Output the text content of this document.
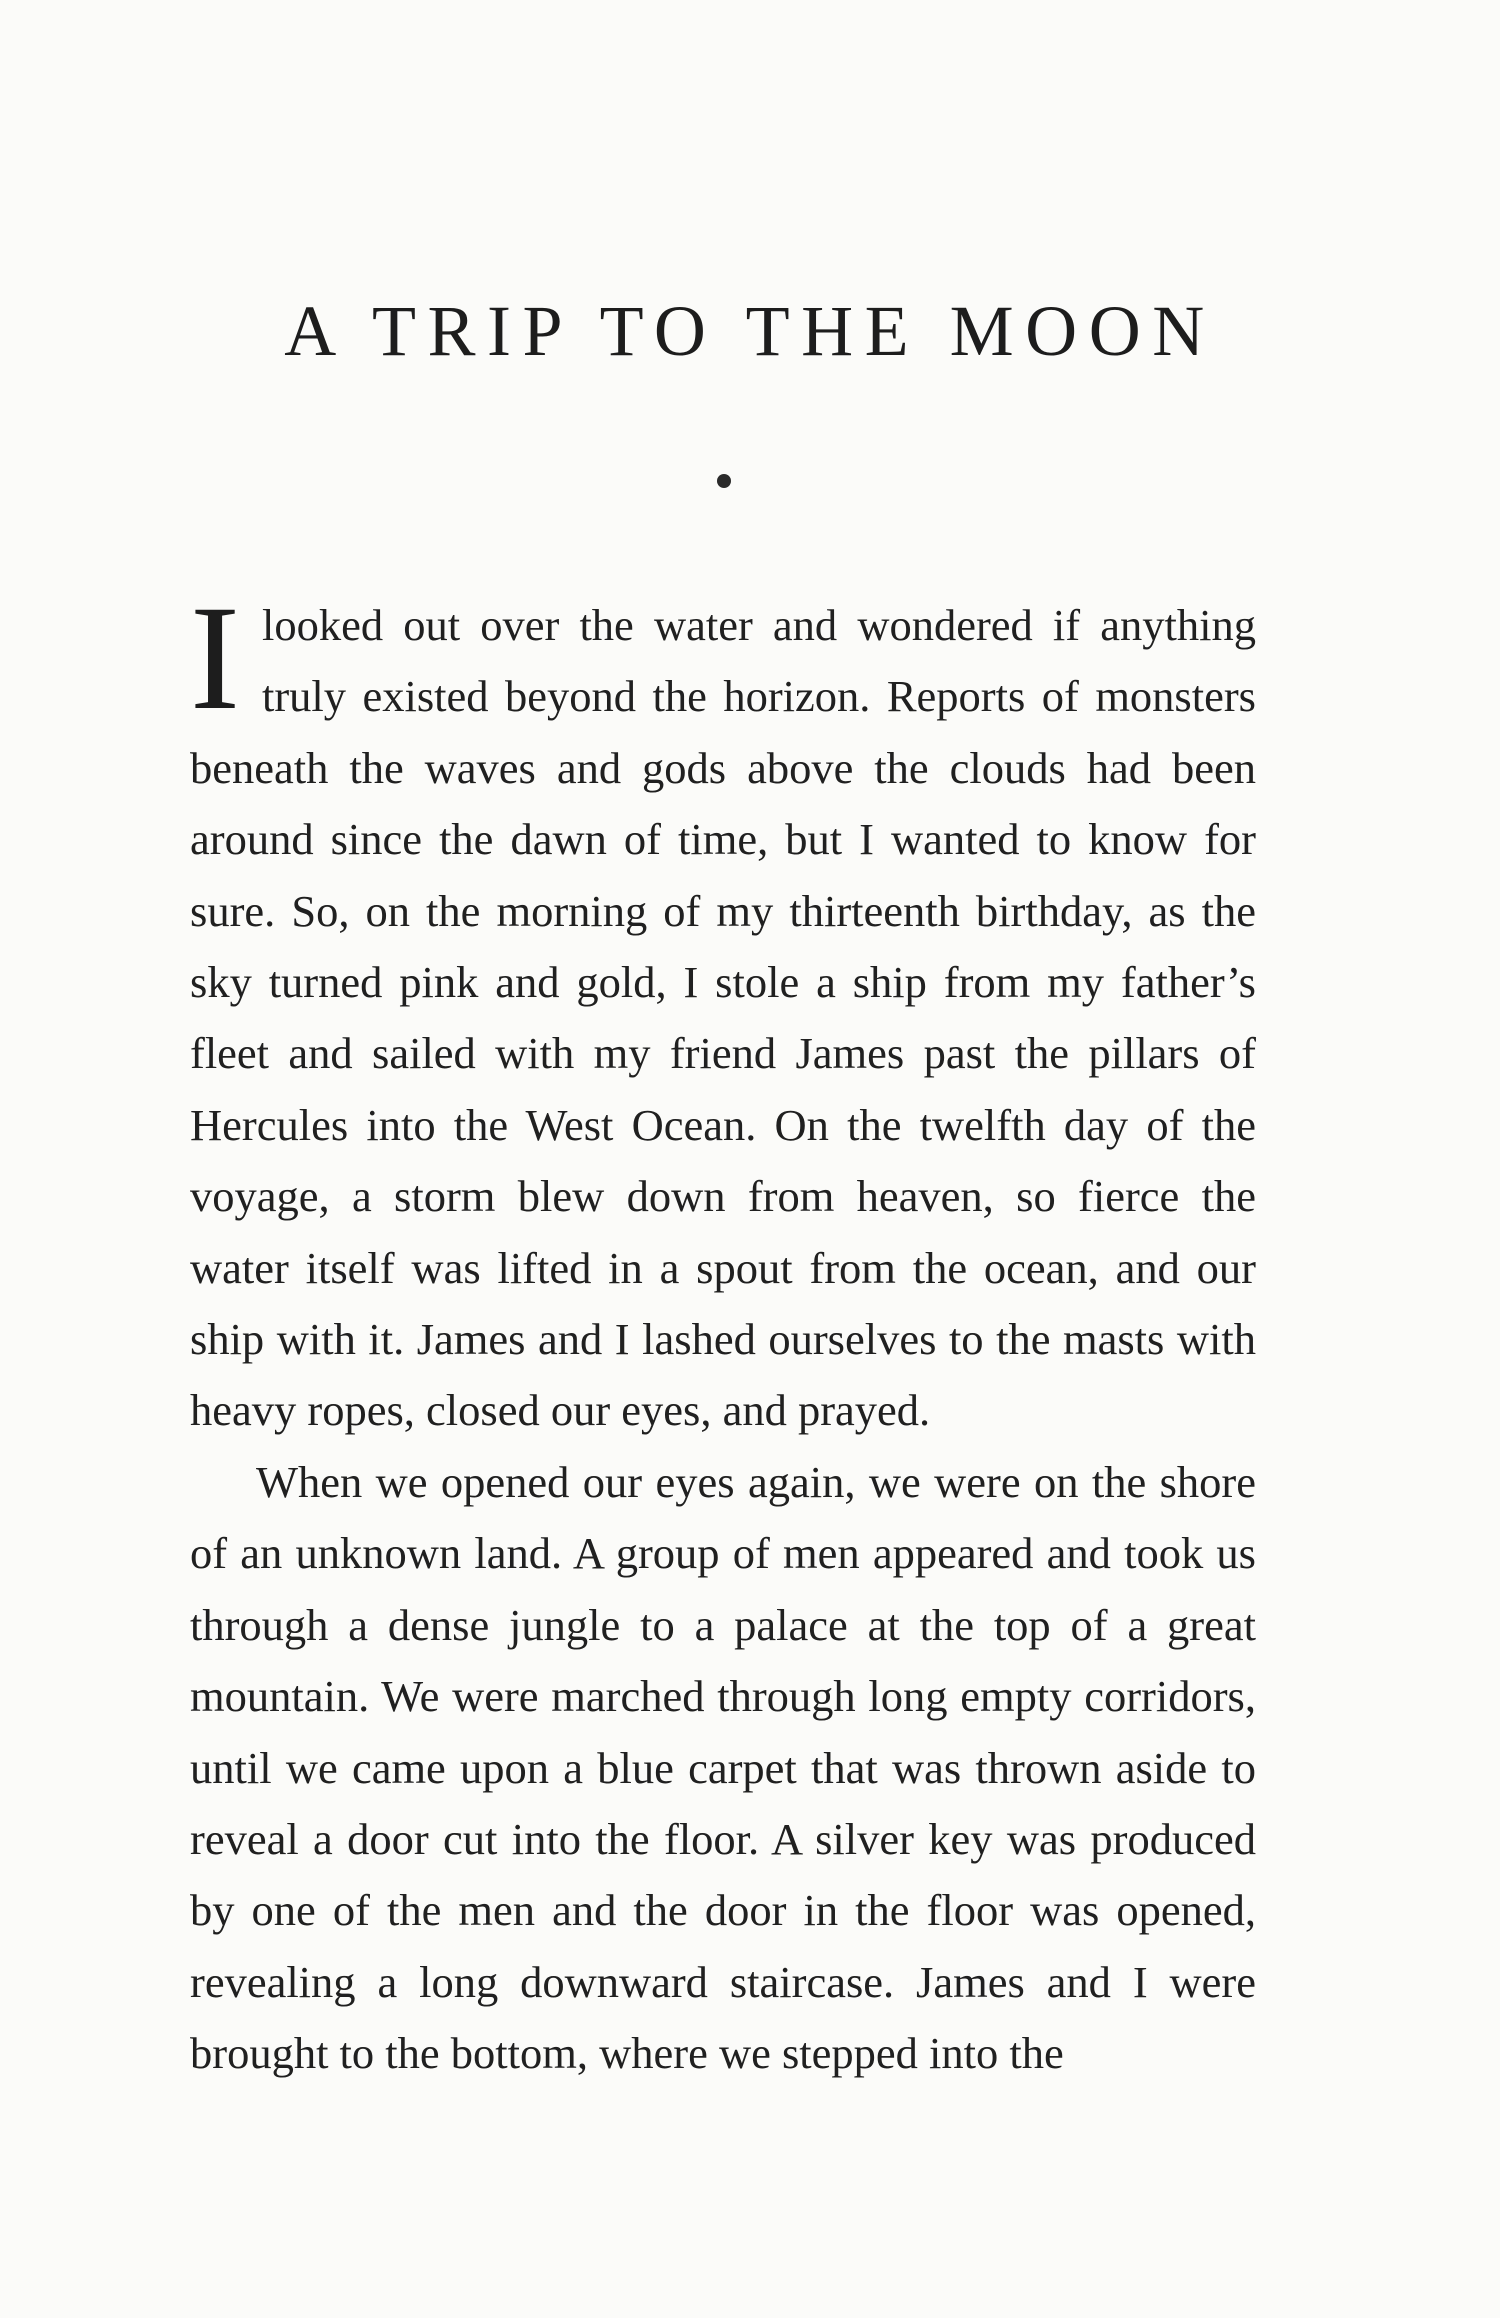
A TRIP TO THE MOON

Ilooked out over the water and wondered if anything truly existed beyond the horizon. Reports of monsters beneath the waves and gods above the clouds had been around since the dawn of time, but I wanted to know for sure. So, on the morning of my thirteenth birthday, as the sky turned pink and gold, I stole a ship from my father’s fleet and sailed with my friend James past the pillars of Hercules into the West Ocean. On the twelfth day of the voyage, a storm blew down from heaven, so fierce the water itself was lifted in a spout from the ocean, and our ship with it. James and I lashed ourselves to the masts with heavy ropes, closed our eyes, and prayed.

When we opened our eyes again, we were on the shore of an unknown land. A group of men appeared and took us through a dense jungle to a palace at the top of a great mountain. We were marched through long empty corridors, until we came upon a blue carpet that was thrown aside to reveal a door cut into the floor. A silver key was produced by one of the men and the door in the floor was opened, revealing a long downward staircase. James and I were brought to the bottom, where we stepped into the
